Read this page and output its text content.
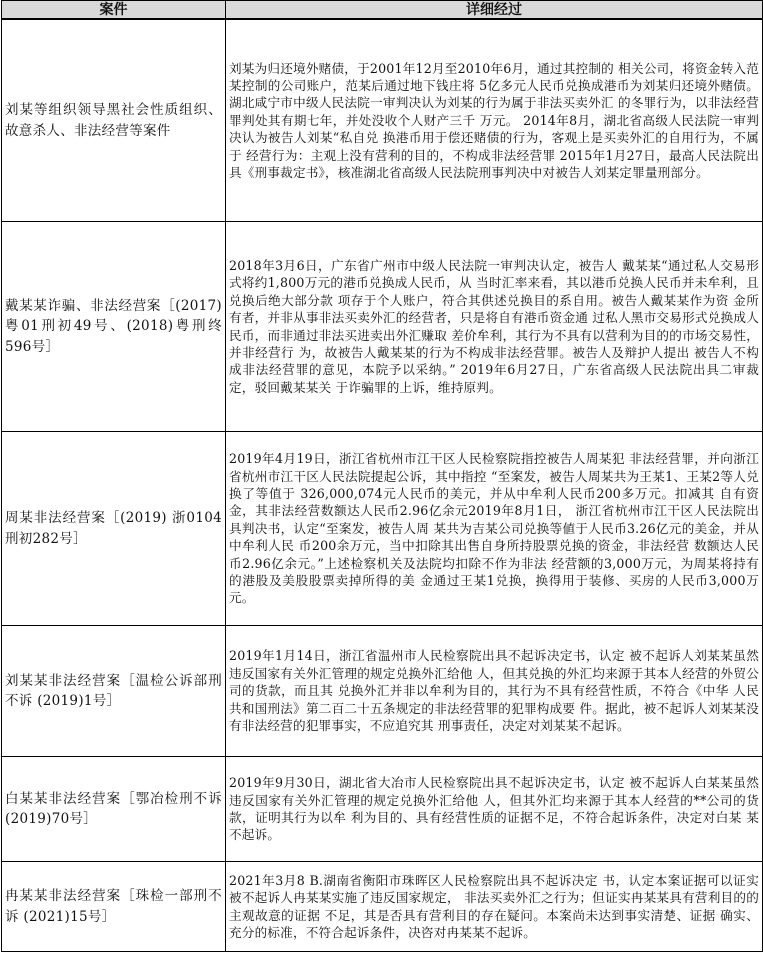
案件	详细经过
刘某等组织领导黑社会性质组织、故意杀人、非法经营等案件	刘某为归还境外赌债，于2001年12月至2010年6月，通过其控制的 相关公司，将资金转入范某控制的公司账户，范某后通过地下钱庄将 5亿多元人民币兑换成港币为刘某归还境外赌债。 湖北咸宁市中级人民法院一审判决认为刘某的行为属于非法买卖外汇 的冬罪行为，以非法经营罪判处其有期七年，并处没收个人财产三千 万元。 2014年8月，湖北省高级人民法院一审判决认为被告人刘某“私自兑 换港币用于偿还赌债的行为，客观上是买卖外汇的自用行为，不属于 经营行为：主观上没有营利的目的，不构成非法经营罪 2015年1月27日，最高人民法院出具《刑事裁定书》，核准湖北省高级人民法院刑事判决中对被告人刘某定罪量刑部分。
戴某某诈骗、非法经营案［(2017) 粤01刑初49号、(2018)粤刑终596号］	2018年3月6日，广东省广州市中级人民法院一审判决认定，被告人 戴某某“通过私人交易形式将约1,800万元的港币兑换成人民币，从 当时汇率来看，其以港币兑换人民币并未牟利，且兑换后绝大部分款 项存于个人账户，符合其供述兑换目的系自用。被告人戴某某作为资 金所有者，并非从事非法买卖外汇的经营者，只是将自有港币资金通 过私人黑市交易形式兑换成人民币，而非通过非法买进卖出外汇赚取 差价牟利，其行为不具有以营利为目的的市场交易性，并非经营行 为，故被告人戴某某的行为不构成非法经营罪。被告人及辩护人提出 被告人不构成非法经营罪的意见，本院予以采纳。” 2019年6月27日，广东省高级人民法院出具二审裁定，驳回戴某某关 于诈骗罪的上诉，维持原判。
周某非法经营案［(2019) 浙0104刑初282号］	2019年4月19日，浙江省杭州市江干区人民检察院指控被告人周某犯 非法经营罪，并向浙江省杭州市江干区人民法院提起公诉，其中指控 “至案发，被告人周某共为王某1、王某2等人兑换了等值于 326,000,074元人民币的美元，并从中牟利人民币200多万元。扣减其 自有资金，其非法经营数额达人民币2.96亿余元2019年8月1日， 浙江省杭州市江干区人民法院出具判决书，认定“至案发，被告人周 某共为吉某公司兑换等値于人民币3.26亿元的美金，并从中牟利人民 币200余万元，当中扣除其出售自身所持股票兑换的资金，非法经营 数额达人民币2.96亿余元。”上述检察机关及法院均扣除不作为非法 经营额的3,000万元，为周某将持有的港股及美股股票卖掉所得的美 金通过王某1兑换，换得用于装修、买房的人民币3,000万元。
刘某某非法经营案［温检公诉部刑不诉 (2019)1号］	2019年1月14日，浙江省温州市人民检察院出具不起诉决定书，认定 被不起诉人刘某某虽然违反国家有关外汇管理的规定兑换外汇给他 人，但其兑换的外汇均来源于其本人经营的外贸公司的货款，而且其 兑换外汇并非以牟利为目的，其行为不具有经营性质，不符合《中华 人民共和国刑法》第二百二十五条规定的非法经营罪的犯罪构成要 件。据此，被不起诉人刘某某没有非法经营的犯罪事实，不应追究其 刑事责任，决定对刘某某不起诉。
白某某非法经营案［鄂冶检刑不诉(2019)70号］	2019年9月30日，湖北省大冶市人民检察院出具不起诉决定书，认定 被不起诉人白某某虽然违反国家有关外汇管理的规定兑换外汇给他 人，但其外汇均来源于其本人经营的**公司的货款，证明其行为以牟 利为目的、具有经营性质的证据不足，不符合起诉条件，决定对白某 某不起诉。
冉某某非法经营案［珠检一部刑不诉 (2021)15号］	2021年3月8 B.湖南省衡阳市珠晖区人民检察院出具不起诉决定 书，认定本案证据可以证实被不起诉人冉某某实施了违反国家规定， 非法买卖外汇之行为；但证实冉某某具有营利目的的主观故意的证据 不足，其是否具有营利目的存在疑问。本案尚未达到事实清楚、证据 确实、充分的标准，不符合起诉条件，决咨对冉某某不起诉。
